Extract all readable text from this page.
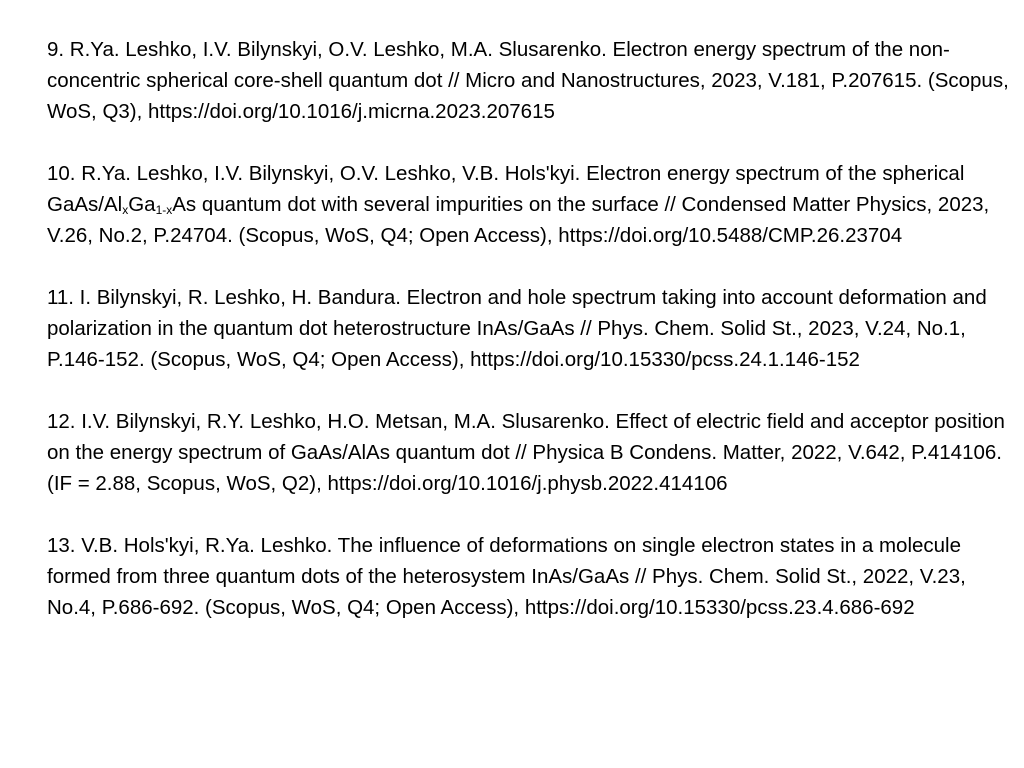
9. R.Ya. Leshko, I.V. Bilynskyi, O.V. Leshko, M.A. Slusarenko. Electron energy spectrum of the non-concentric spherical core-shell quantum dot // Micro and Nanostructures, 2023, V.181, P.207615. (Scopus, WoS, Q3), https://doi.org/10.1016/j.micrna.2023.207615

10. R.Ya. Leshko, I.V. Bilynskyi, O.V. Leshko, V.B. Hols'kyi. Electron energy spectrum of the spherical GaAs/$Al_xGa_{1-x}As$ quantum dot with several impurities on the surface // Condensed Matter Physics, 2023, V.26, No.2, P.24704. (Scopus, WoS, Q4; Open Access), https://doi.org/10.5488/CMP.26.23704

11. I. Bilynskyi, R. Leshko, H. Bandura. Electron and hole spectrum taking into account deformation and polarization in the quantum dot heterostructure InAs/GaAs // Phys. Chem. Solid St., 2023, V.24, No.1, P.146-152. (Scopus, WoS, Q4; Open Access), https://doi.org/10.15330/pcss.24.1.146-152

12. I.V. Bilynskyi, R.Y. Leshko, H.O. Metsan, M.A. Slusarenko. Effect of electric field and acceptor position on the energy spectrum of GaAs/AlAs quantum dot // Physica B Condens. Matter, 2022, V.642, P.414106. (IF = 2.88, Scopus, WoS, Q2), https://doi.org/10.1016/j.physb.2022.414106

13. V.B. Hols'kyi, R.Ya. Leshko. The influence of deformations on single electron states in a molecule formed from three quantum dots of the heterosystem InAs/GaAs // Phys. Chem. Solid St., 2022, V.23, No.4, P.686-692. (Scopus, WoS, Q4; Open Access), https://doi.org/10.15330/pcss.23.4.686-692
